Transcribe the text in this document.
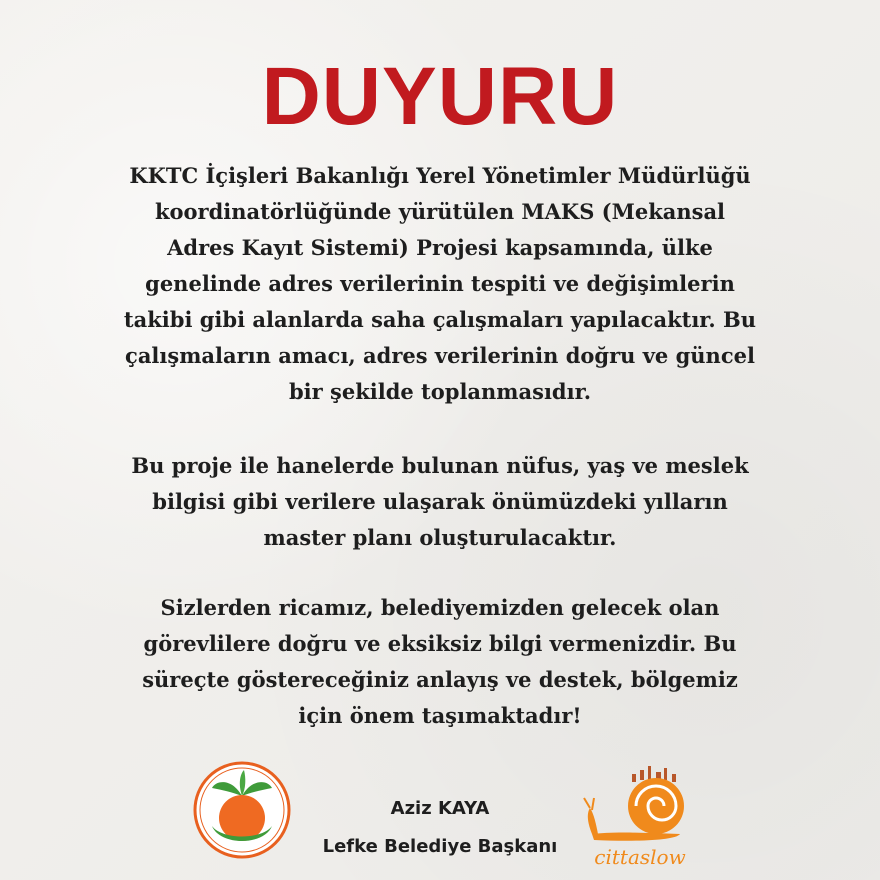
DUYURU

KKTC İçişleri Bakanlığı Yerel Yönetimler Müdürlüğü
koordinatörlüğünde yürütülen MAKS (Mekansal
Adres Kayıt Sistemi) Projesi kapsamında, ülke
genelinde adres verilerinin tespiti ve değişimlerin
takibi gibi alanlarda saha çalışmaları yapılacaktır. Bu
çalışmaların amacı, adres verilerinin doğru ve güncel
bir şekilde toplanmasıdır.

Bu proje ile hanelerde bulunan nüfus, yaş ve meslek
bilgisi gibi verilere ulaşarak önümüzdeki yılların
master planı oluşturulacaktır.

Sizlerden ricamız, belediyemizden gelecek olan
görevlilere doğru ve eksiksiz bilgi vermenizdir. Bu
süreçte göstereceğiniz anlayış ve destek, bölgemiz
için önem taşımaktadır!

Aziz KAYA
Lefke Belediye Başkanı	cittaslow
